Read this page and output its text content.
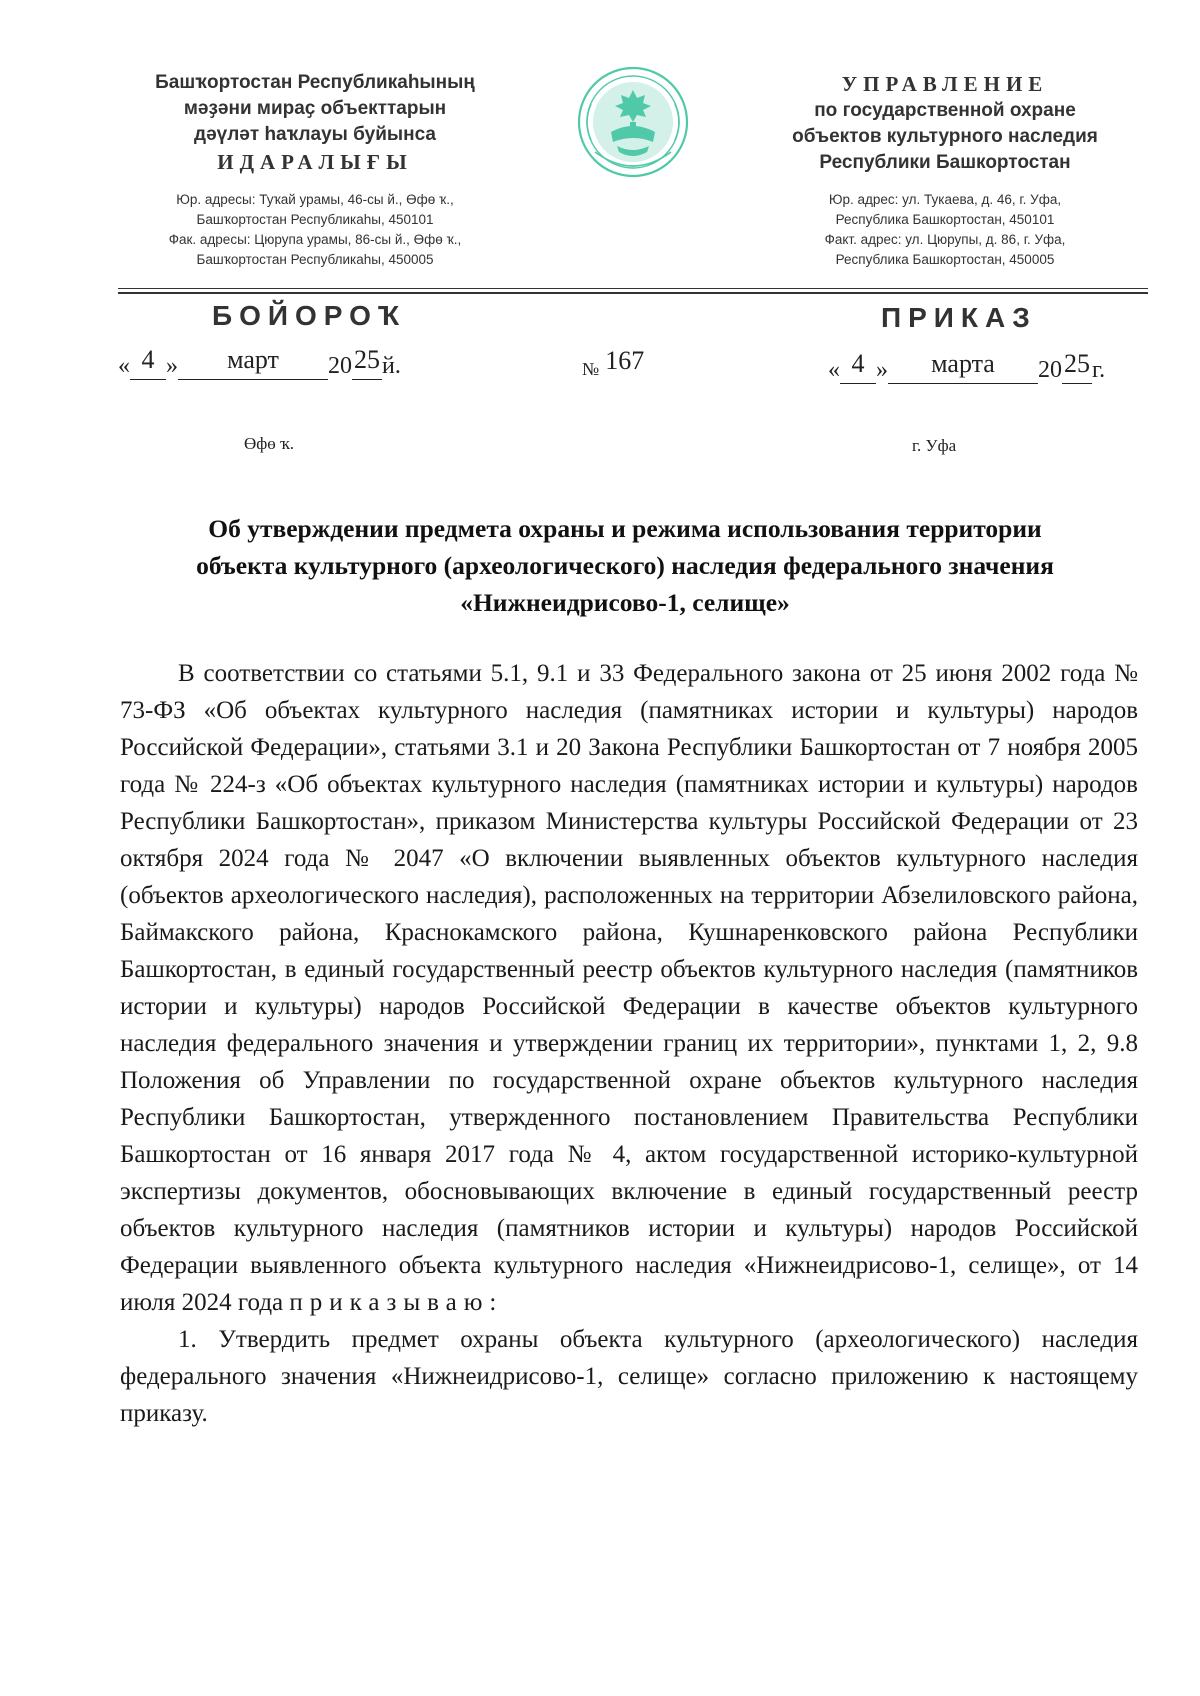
Башҡортостан Республикаһының
мәҙәни мираҫ объекттарын
дәүләт һаҡлауы буйынса
ИДАРАЛЫҒЫ
Юр. адресы: Туҡай урамы, 46-сы й., Өфө ҡ.,
Башҡортостан Республикаһы, 450101
Фак. адресы: Цюрупа урамы, 86-сы й., Өфө ҡ.,
Башҡортостан Республикаһы, 450005
УПРАВЛЕНИЕ
по государственной охране
объектов культурного наследия
Республики Башкортостан
Юр. адрес: ул. Тукаева, д. 46, г. Уфа,
Республика Башкортостан, 450101
Факт. адрес: ул. Цюрупы, д. 86, г. Уфа,
Республика Башкортостан, 450005
БОЙОРОҠ	ПРИКАЗ
« 4 » март 2025й.	№ 167	« 4 » марта 2025г.
Өфө ҡ.	г. Уфа
Об утверждении предмета охраны и режима использования территории
объекта культурного (археологического) наследия федерального значения
«Нижнеидрисово-1, селище»

В соответствии со статьями 5.1, 9.1 и 33 Федерального закона от 25 июня 2002 года № 73-ФЗ «Об объектах культурного наследия (памятниках истории и культуры) народов Российской Федерации», статьями 3.1 и 20 Закона Республики Башкортостан от 7 ноября 2005 года № 224-з «Об объектах культурного наследия (памятниках истории и культуры) народов Республики Башкортостан», приказом Министерства культуры Российской Федерации от 23 октября 2024 года № 2047 «О включении выявленных объектов культурного наследия (объектов археологического наследия), расположенных на территории Абзелиловского района, Баймакского района, Краснокамского района, Кушнаренковского района Республики Башкортостан, в единый государственный реестр объектов культурного наследия (памятников истории и культуры) народов Российской Федерации в качестве объектов культурного наследия федерального значения и утверждении границ их территории», пунктами 1, 2, 9.8 Положения об Управлении по государственной охране объектов культурного наследия Республики Башкортостан, утвержденного постановлением Правительства Республики Башкортостан от 16 января 2017 года № 4, актом государственной историко-культурной экспертизы документов, обосновывающих включение в единый государственный реестр объектов культурного наследия (памятников истории и культуры) народов Российской Федерации выявленного объекта культурного наследия «Нижнеидрисово-1, селище», от 14 июля 2024 года приказываю:

1. Утвердить предмет охраны объекта культурного (археологического) наследия федерального значения «Нижнеидрисово-1, селище» согласно приложению к настоящему приказу.
